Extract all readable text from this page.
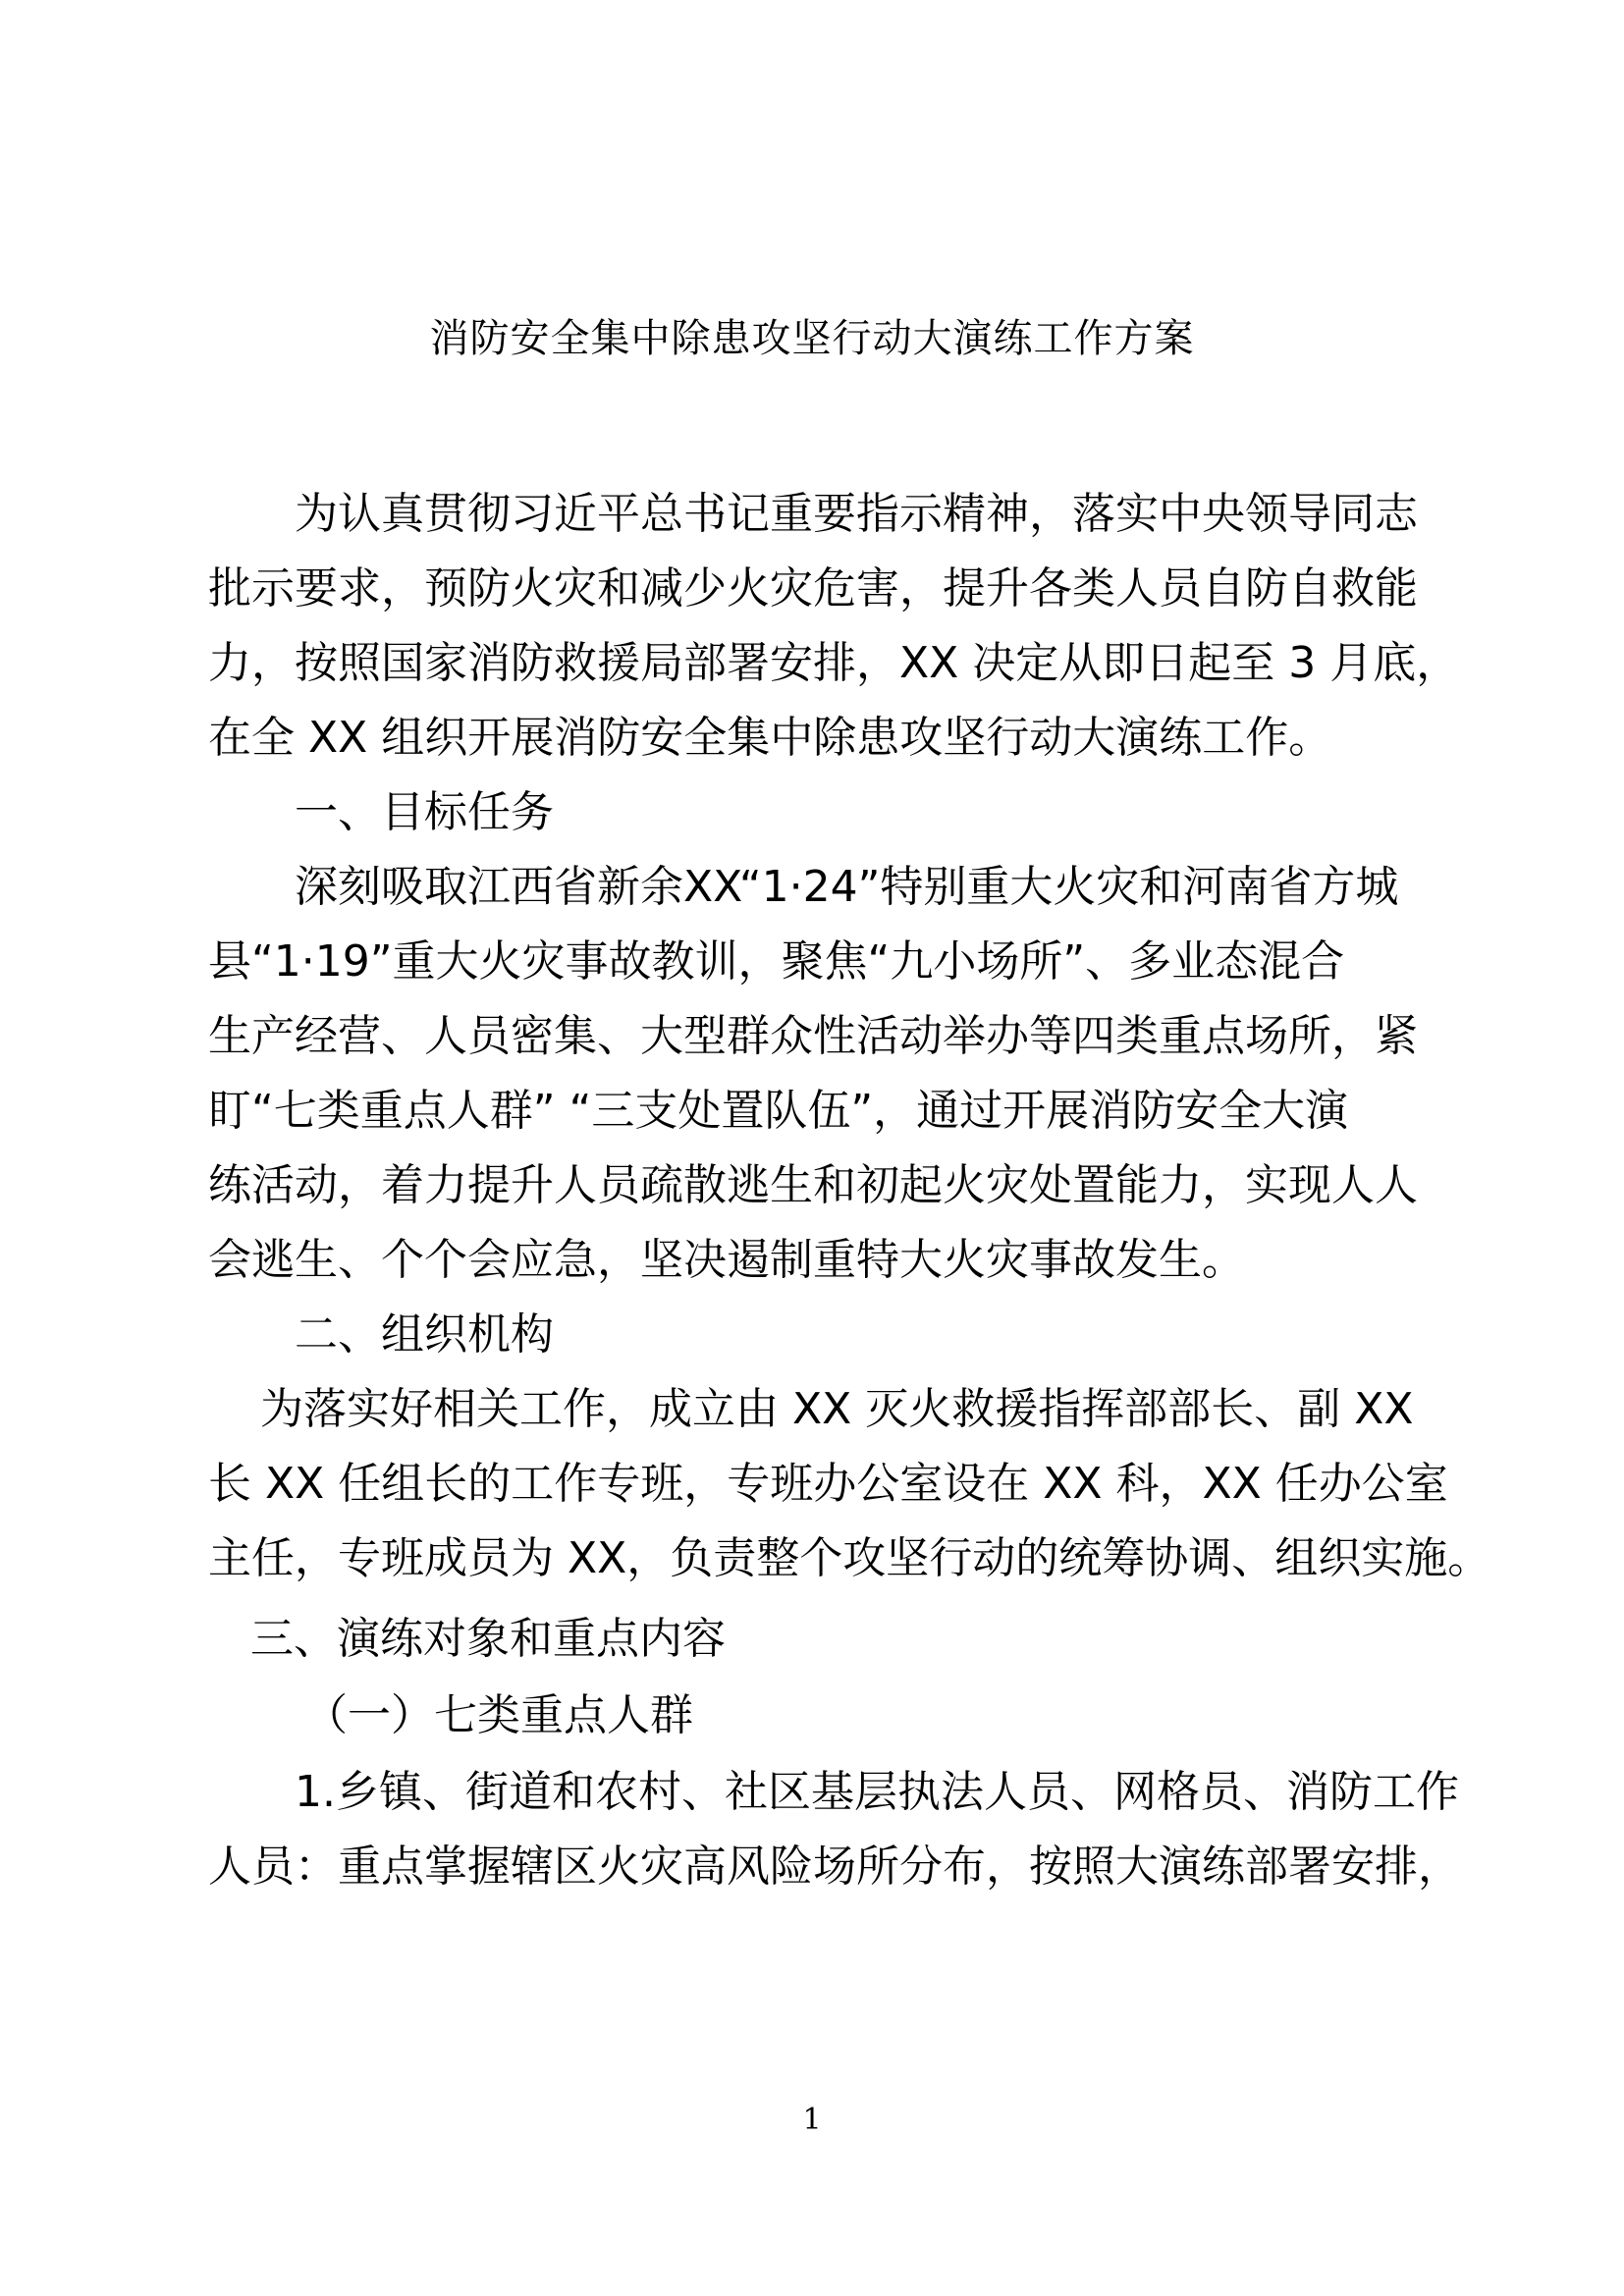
消防安全集中除患攻坚行动大演练工作方案

为认真贯彻习近平总书记重要指示精神，落实中央领导同志

批示要求，预防火灾和减少火灾危害，提升各类人员自防自救能

力，按照国家消防救援局部署安排，XX 决定从即日起至 3 月底，

在全 XX 组织开展消防安全集中除患攻坚行动大演练工作。

一、目标任务

深刻吸取江西省新余XX“1·24”特别重大火灾和河南省方城

县“1·19”重大火灾事故教训，聚焦“九小场所”、多业态混合

生产经营、人员密集、大型群众性活动举办等四类重点场所，紧

盯“七类重点人群” “三支处置队伍”，通过开展消防安全大演

练活动，着力提升人员疏散逃生和初起火灾处置能力，实现人人

会逃生、个个会应急，坚决遏制重特大火灾事故发生。

二、组织机构

为落实好相关工作，成立由 XX 灭火救援指挥部部长、副 XX

长 XX 任组长的工作专班，专班办公室设在 XX 科，XX 任办公室

主任，专班成员为 XX，负责整个攻坚行动的统筹协调、组织实施。

三、演练对象和重点内容

（一）七类重点人群

1.乡镇、街道和农村、社区基层执法人员、网格员、消防工作

人员：重点掌握辖区火灾高风险场所分布，按照大演练部署安排，

1
